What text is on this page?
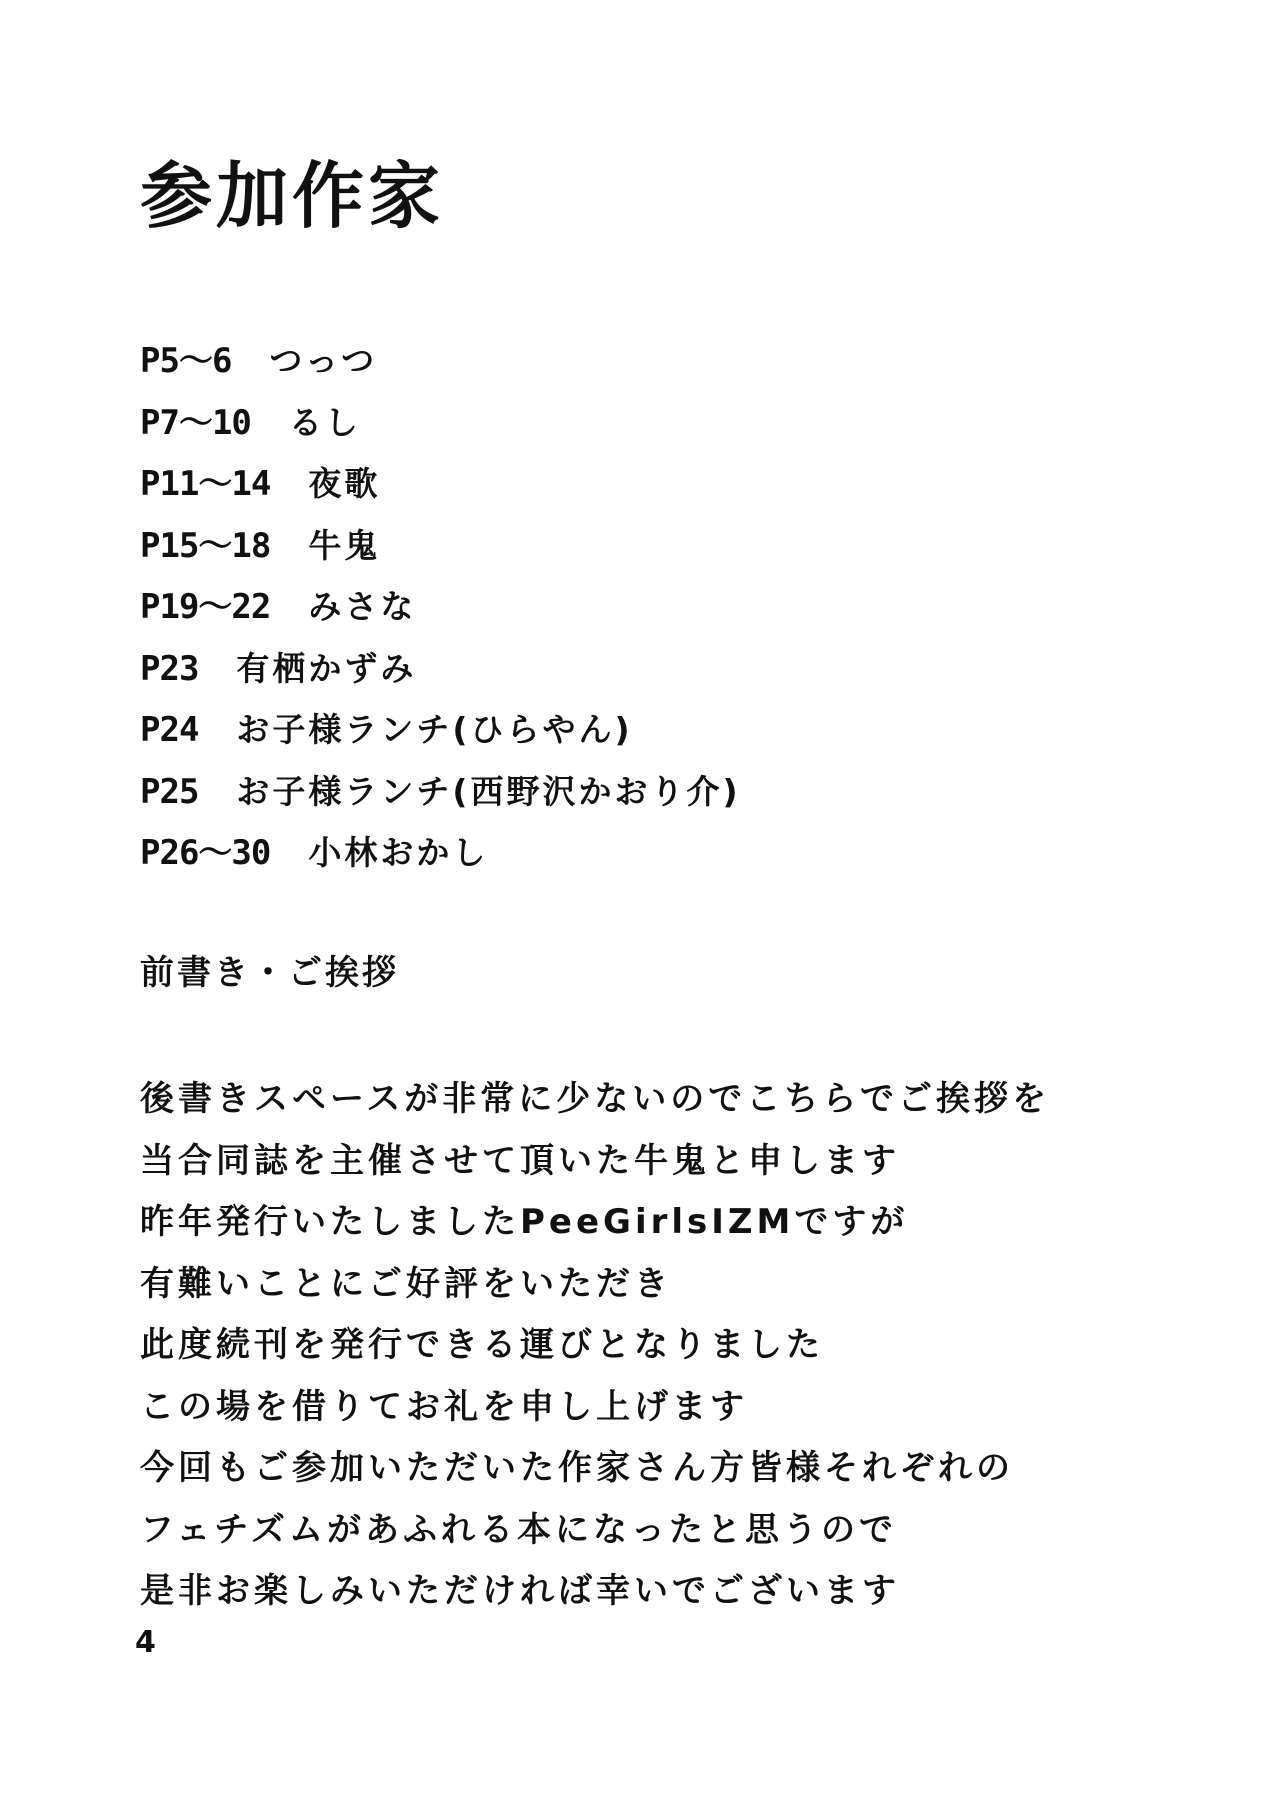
参加作家
P5～6 つっつ
P7～10 るし
P11～14 夜歌
P15～18 牛鬼
P19～22 みさな
P23 有栖かずみ
P24 お子様ランチ(ひらやん)
P25 お子様ランチ(西野沢かおり介)
P26～30 小林おかし
前書き・ご挨拶
後書きスペースが非常に少ないのでこちらでご挨拶を
当合同誌を主催させて頂いた牛鬼と申します
昨年発行いたしましたPeeGirlsIZMですが
有難いことにご好評をいただき
此度続刊を発行できる運びとなりました
この場を借りてお礼を申し上げます
今回もご参加いただいた作家さん方皆様それぞれの
フェチズムがあふれる本になったと思うので
是非お楽しみいただければ幸いでございます
4
